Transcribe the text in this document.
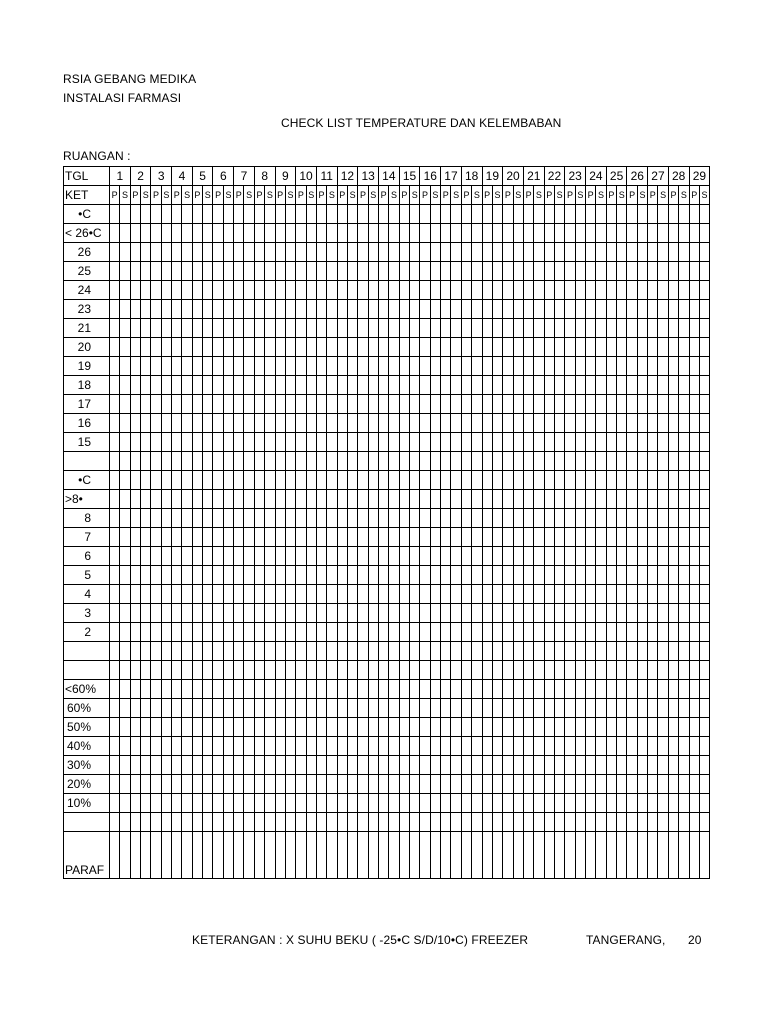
RSIA GEBANG MEDIKA
INSTALASI FARMASI
CHECK LIST TEMPERATURE DAN KELEMBABAN
RUANGAN :
TGL	1		2		3		4		5		6		7		8		9		10		11		12		13		14		15		16		17		18		19		20		21		22		23		24		25		26		27		28		29	
KET	P	S	P	S	P	S	P	S	P	S	P	S	P	S	P	S	P	S	P	S	P	S	P	S	P	S	P	S	P	S	P	S	P	S	P	S	P	S	P	S	P	S	P	S	P	S	P	S	P	S	P	S	P	S	P	S	P	S
•C																																																										
< 26•C																																																										
26																																																										
25																																																										
24																																																										
23																																																										
21																																																										
20																																																										
19																																																										
18																																																										
17																																																										
16																																																										
15																																																										

•C																																																										
>8•																																																										
8																																																										
7																																																										
6																																																										
5																																																										
4																																																										
3																																																										
2																																																										

<60%																																																										
60%																																																										
50%																																																										
40%																																																										
30%																																																										
20%																																																										
10%																																																										

PARAF																																																										
KETERANGAN : X SUHU BEKU ( -25•C S/D/10•C) FREEZER	TANGERANG, 20
